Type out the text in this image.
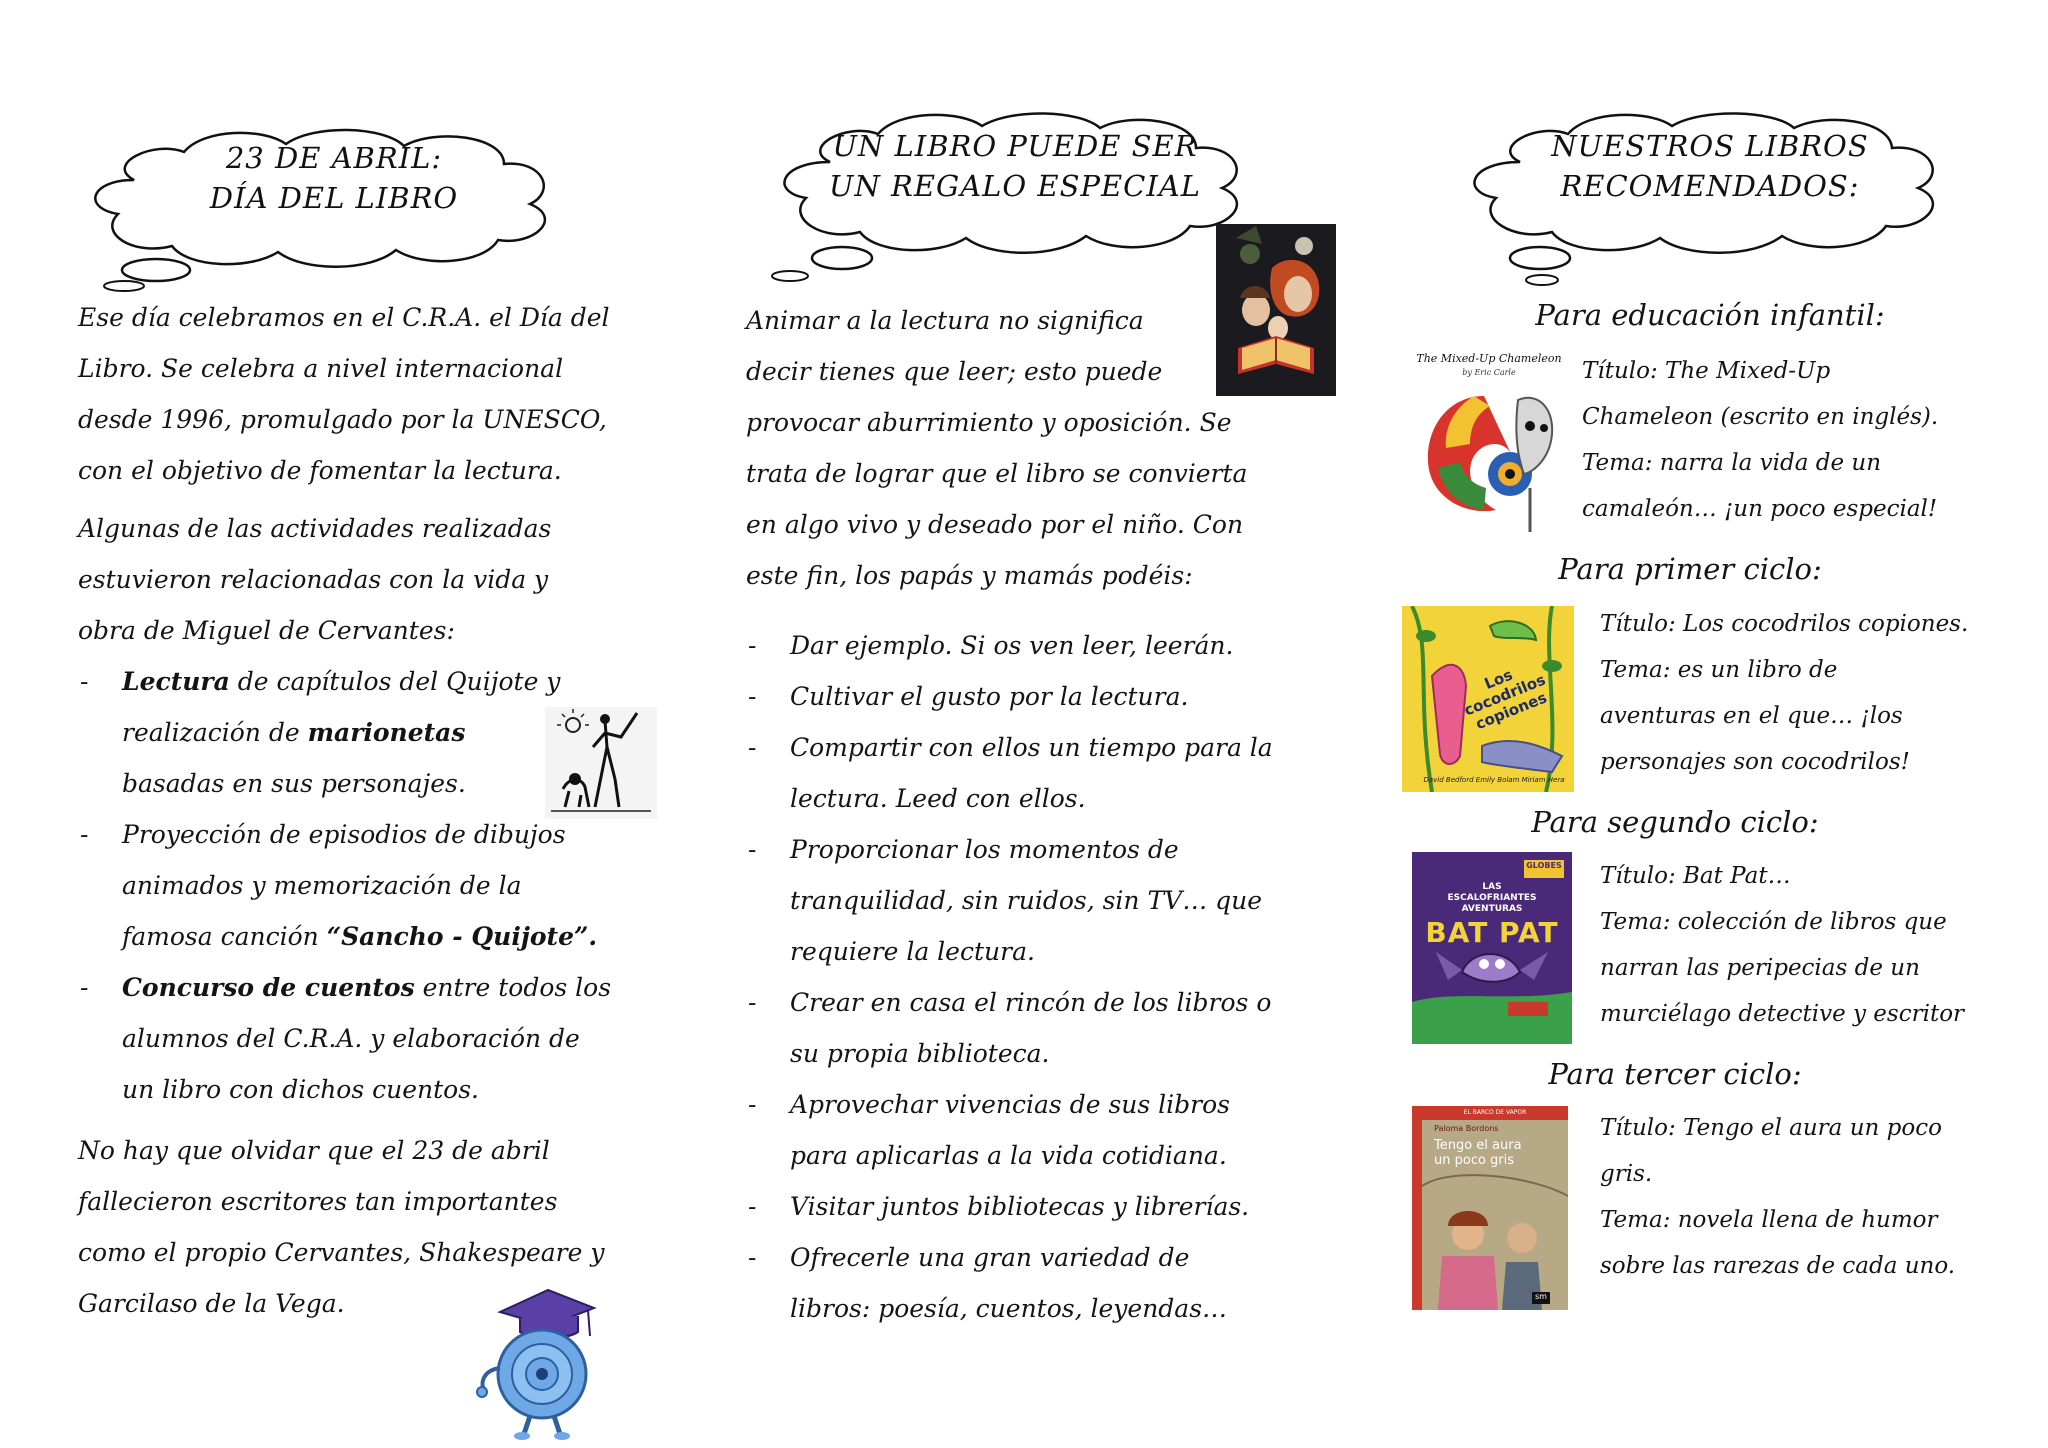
23 DE ABRIL:
DÍA DEL LIBRO
Ese día celebramos en el C.R.A. el Día del
Libro. Se celebra a nivel internacional
desde 1996, promulgado por la UNESCO,
con el objetivo de fomentar la lectura.
Algunas de las actividades realizadas
estuvieron relacionadas con la vida y
obra de Miguel de Cervantes:
- Lectura de capítulos del Quijote y
realización de marionetas
basadas en sus personajes.
- Proyección de episodios de dibujos
animados y memorización de la
famosa canción “Sancho - Quijote”.
- Concurso de cuentos entre todos los
alumnos del C.R.A. y elaboración de
un libro con dichos cuentos.
No hay que olvidar que el 23 de abril
fallecieron escritores tan importantes
como el propio Cervantes, Shakespeare y
Garcilaso de la Vega.
UN LIBRO PUEDE SER
UN REGALO ESPECIAL
Animar a la lectura no significa
decir tienes que leer; esto puede
provocar aburrimiento y oposición. Se
trata de lograr que el libro se convierta
en algo vivo y deseado por el niño. Con
este fin, los papás y mamás podéis:
- Dar ejemplo. Si os ven leer, leerán.
- Cultivar el gusto por la lectura.
- Compartir con ellos un tiempo para la
lectura. Leed con ellos.
- Proporcionar los momentos de
tranquilidad, sin ruidos, sin TV… que
requiere la lectura.
- Crear en casa el rincón de los libros o
su propia biblioteca.
- Aprovechar vivencias de sus libros
para aplicarlas a la vida cotidiana.
- Visitar juntos bibliotecas y librerías.
- Ofrecerle una gran variedad de
libros: poesía, cuentos, leyendas…
NUESTROS LIBROS
RECOMENDADOS:
Para educación infantil:
The Mixed-Up Chameleon
by Eric Carle	Título: The Mixed-Up
Chameleon (escrito en inglés).
Tema: narra la vida de un
camaleón… ¡un poco especial!
Para primer ciclo:
David Bedford Emily Bolam Miriam Hera
Los cocodrilos copiones
Título: Los cocodrilos copiones.
Tema: es un libro de
aventuras en el que… ¡los
personajes son cocodrilos!
Para segundo ciclo:
GLOBES
LAS ESCALOFRIANTES AVENTURAS
BAT PAT
Título: Bat Pat…
Tema: colección de libros que
narran las peripecias de un
murciélago detective y escritor
Para tercer ciclo:
EL BARCO DE VAPOR
Paloma Bordons
Tengo el aura un poco gris
sm
Título: Tengo el aura un poco
gris.
Tema: novela llena de humor
sobre las rarezas de cada uno.
